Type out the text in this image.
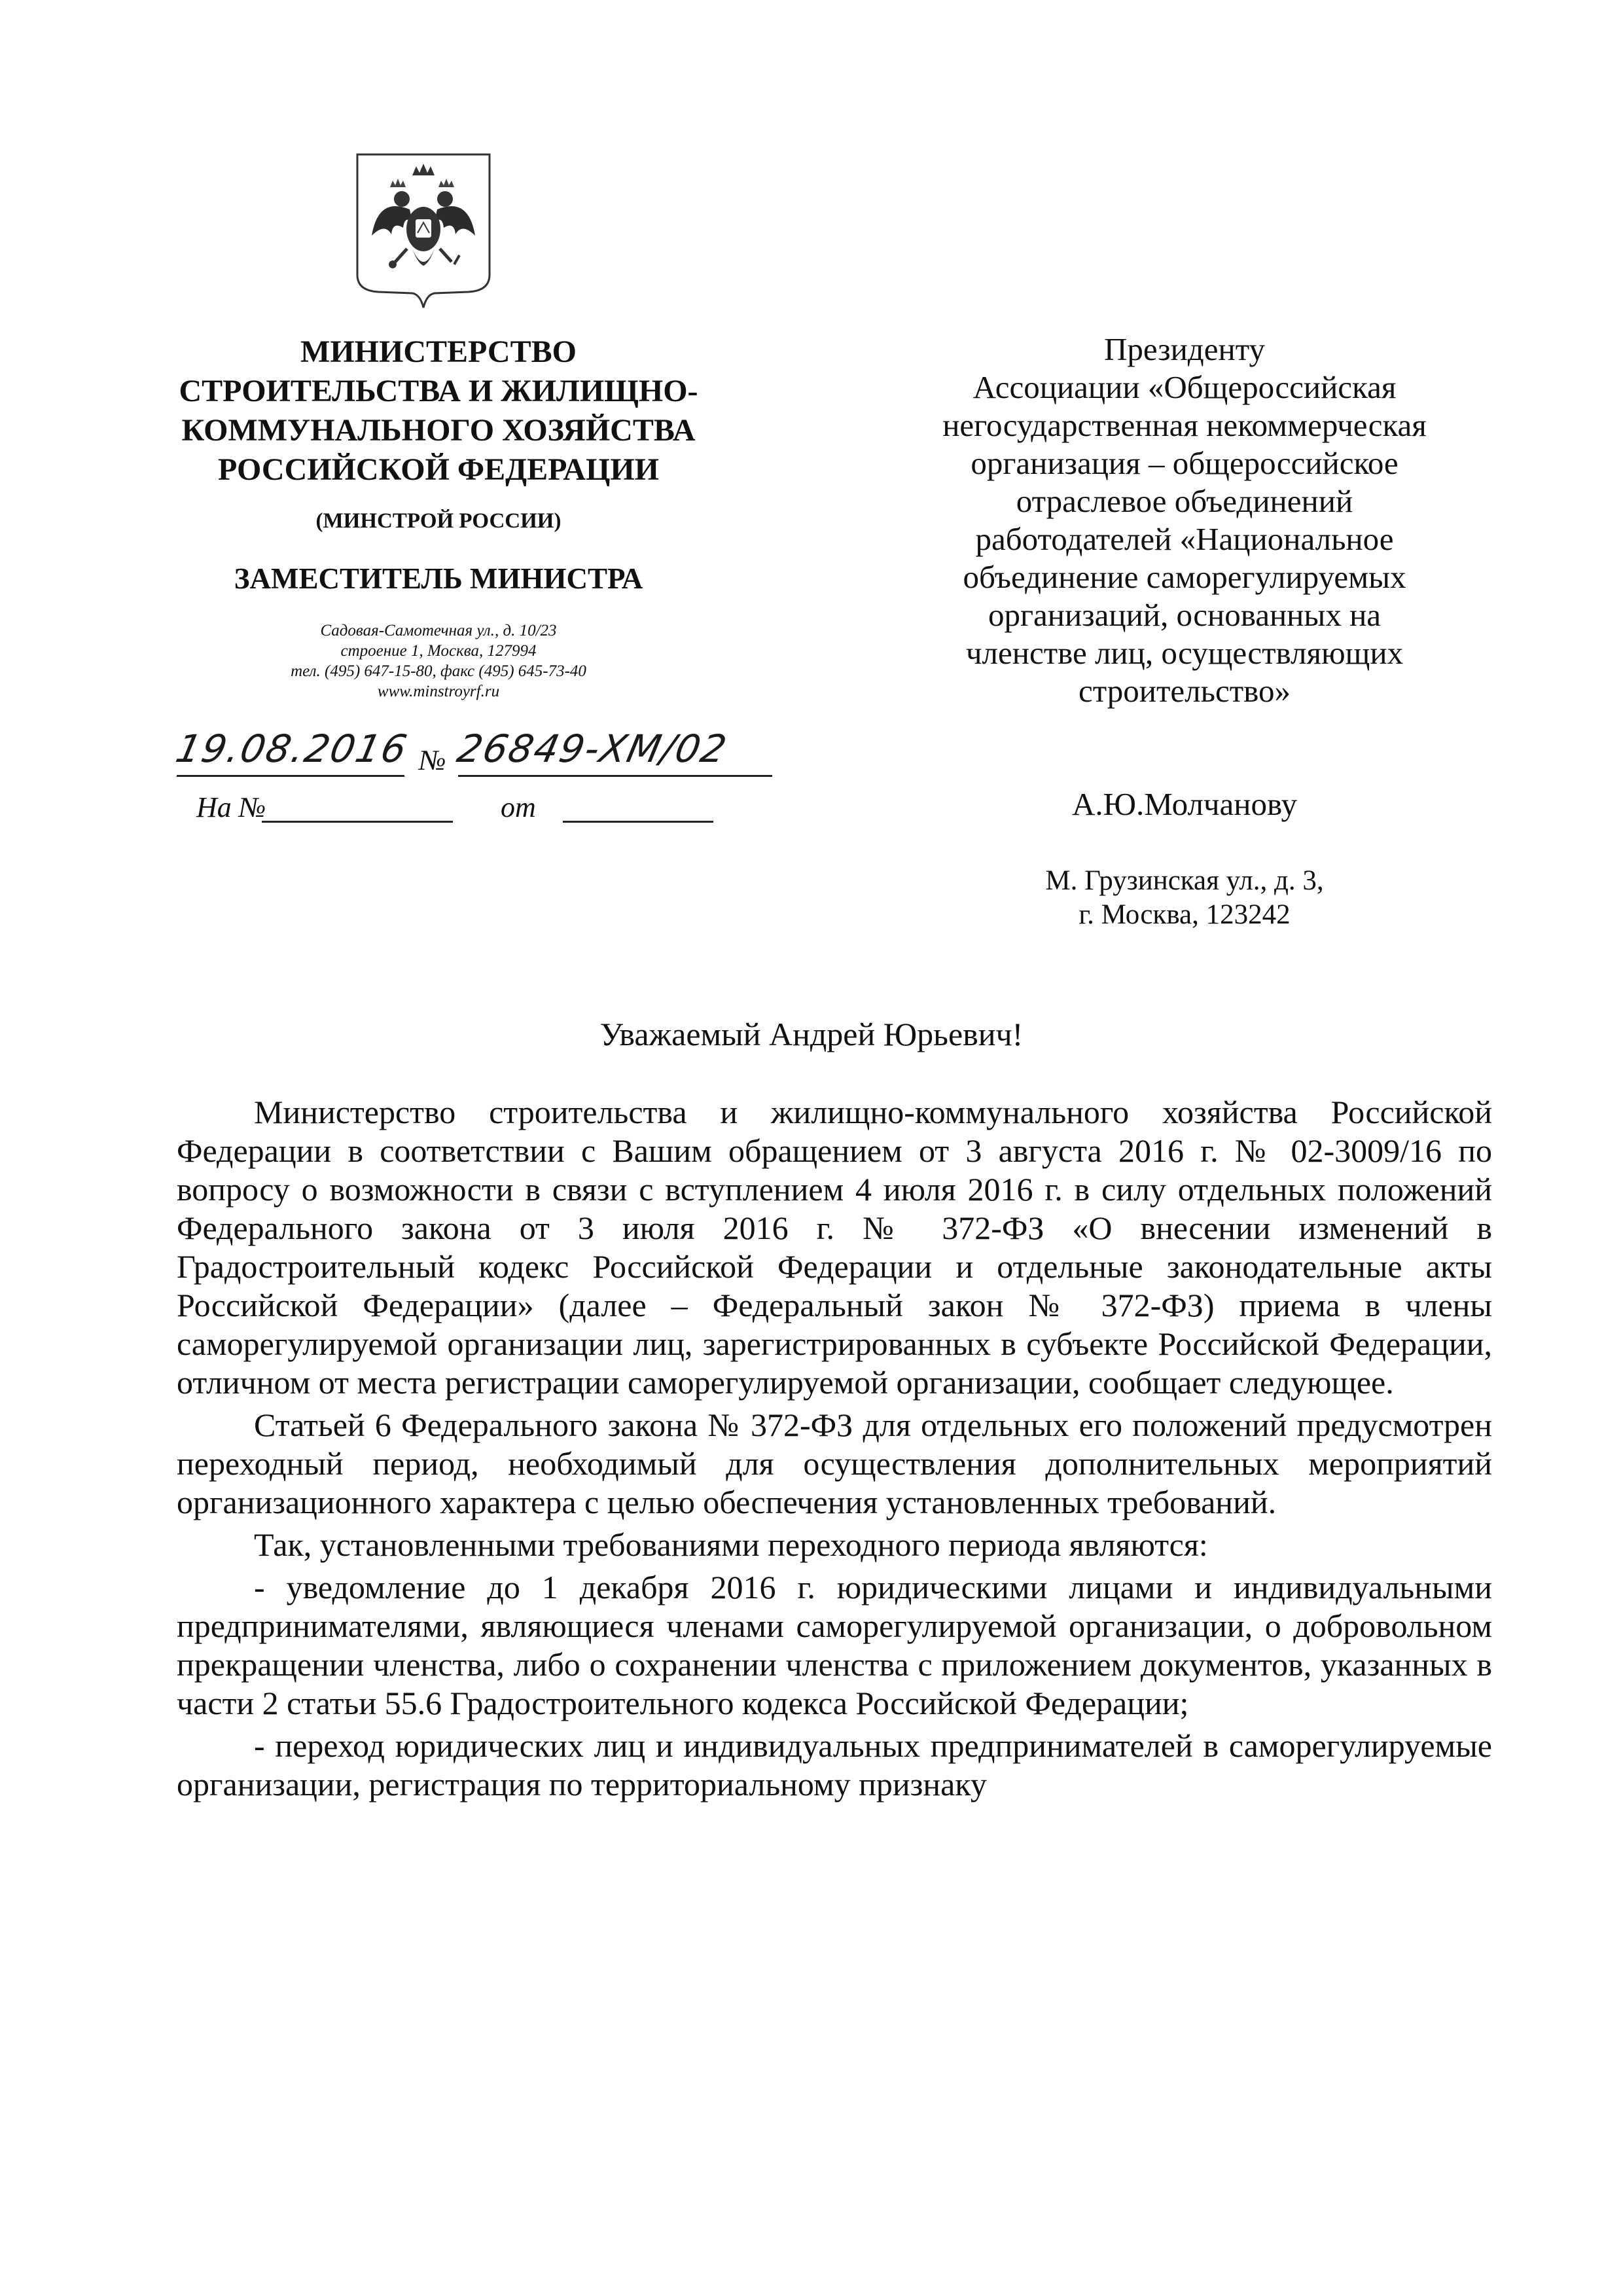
МИНИСТЕРСТВО
СТРОИТЕЛЬСТВА И ЖИЛИЩНО-
КОММУНАЛЬНОГО ХОЗЯЙСТВА
РОССИЙСКОЙ ФЕДЕРАЦИИ
(МИНСТРОЙ РОССИИ)
ЗАМЕСТИТЕЛЬ МИНИСТРА
Садовая-Самотечная ул., д. 10/23
строение 1, Москва, 127994
тел. (495) 647-15-80, факс (495) 645-73-40
www.minstroyrf.ru
19.08.2016 № 26849-ХМ/02
На №	от
Президенту
Ассоциации «Общероссийская
негосударственная некоммерческая
организация – общероссийское
отраслевое объединений
работодателей «Национальное
объединение саморегулируемых
организаций, основанных на
членстве лиц, осуществляющих
строительство»
А.Ю.Молчанову
М. Грузинская ул., д. 3,
г. Москва, 123242
Уважаемый Андрей Юрьевич!

Министерство строительства и жилищно-коммунального хозяйства Российской Федерации в соответствии с Вашим обращением от 3 августа 2016 г. № 02-3009/16 по вопросу о возможности в связи с вступлением 4 июля 2016 г. в силу отдельных положений Федерального закона от 3 июля 2016 г. № 372-ФЗ «О внесении изменений в Градостроительный кодекс Российской Федерации и отдельные законодательные акты Российской Федерации» (далее – Федеральный закон № 372-ФЗ) приема в члены саморегулируемой организации лиц, зарегистрированных в субъекте Российской Федерации, отличном от места регистрации саморегулируемой организации, сообщает следующее.

Статьей 6 Федерального закона № 372-ФЗ для отдельных его положений предусмотрен переходный период, необходимый для осуществления дополнительных мероприятий организационного характера с целью обеспечения установленных требований.

Так, установленными требованиями переходного периода являются:

- уведомление до 1 декабря 2016 г. юридическими лицами и индивидуальными предпринимателями, являющиеся членами саморегулируемой организации, о добровольном прекращении членства, либо о сохранении членства с приложением документов, указанных в части 2 статьи 55.6 Градостроительного кодекса Российской Федерации;

- переход юридических лиц и индивидуальных предпринимателей в саморегулируемые организации, регистрация по территориальному признаку
